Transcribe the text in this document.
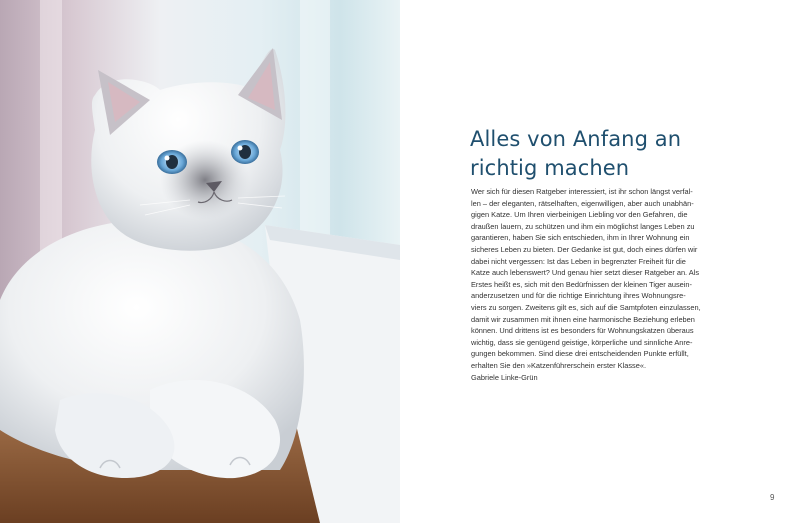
Alles von Anfang an
richtig machen

Wer sich für diesen Ratgeber interessiert, ist ihr schon längst verfal-
len – der eleganten, rätselhaften, eigenwilligen, aber auch unabhän-
gigen Katze. Um Ihren vierbeinigen Liebling vor den Gefahren, die
draußen lauern, zu schützen und ihm ein möglichst langes Leben zu
garantieren, haben Sie sich entschieden, ihm in Ihrer Wohnung ein
sicheres Leben zu bieten. Der Gedanke ist gut, doch eines dürfen wir
dabei nicht vergessen: Ist das Leben in begrenzter Freiheit für die
Katze auch lebenswert? Und genau hier setzt dieser Ratgeber an. Als
Erstes heißt es, sich mit den Bedürfnissen der kleinen Tiger ausein-
anderzusetzen und für die richtige Einrichtung ihres Wohnungsre-
viers zu sorgen. Zweitens gilt es, sich auf die Samtpfoten einzulassen,
damit wir zusammen mit ihnen eine harmonische Beziehung erleben
können. Und drittens ist es besonders für Wohnungskatzen überaus
wichtig, dass sie genügend geistige, körperliche und sinnliche Anre-
gungen bekommen. Sind diese drei entscheidenden Punkte erfüllt,
erhalten Sie den »Katzenführerschein erster Klasse«.

Gabriele Linke-Grün

9
